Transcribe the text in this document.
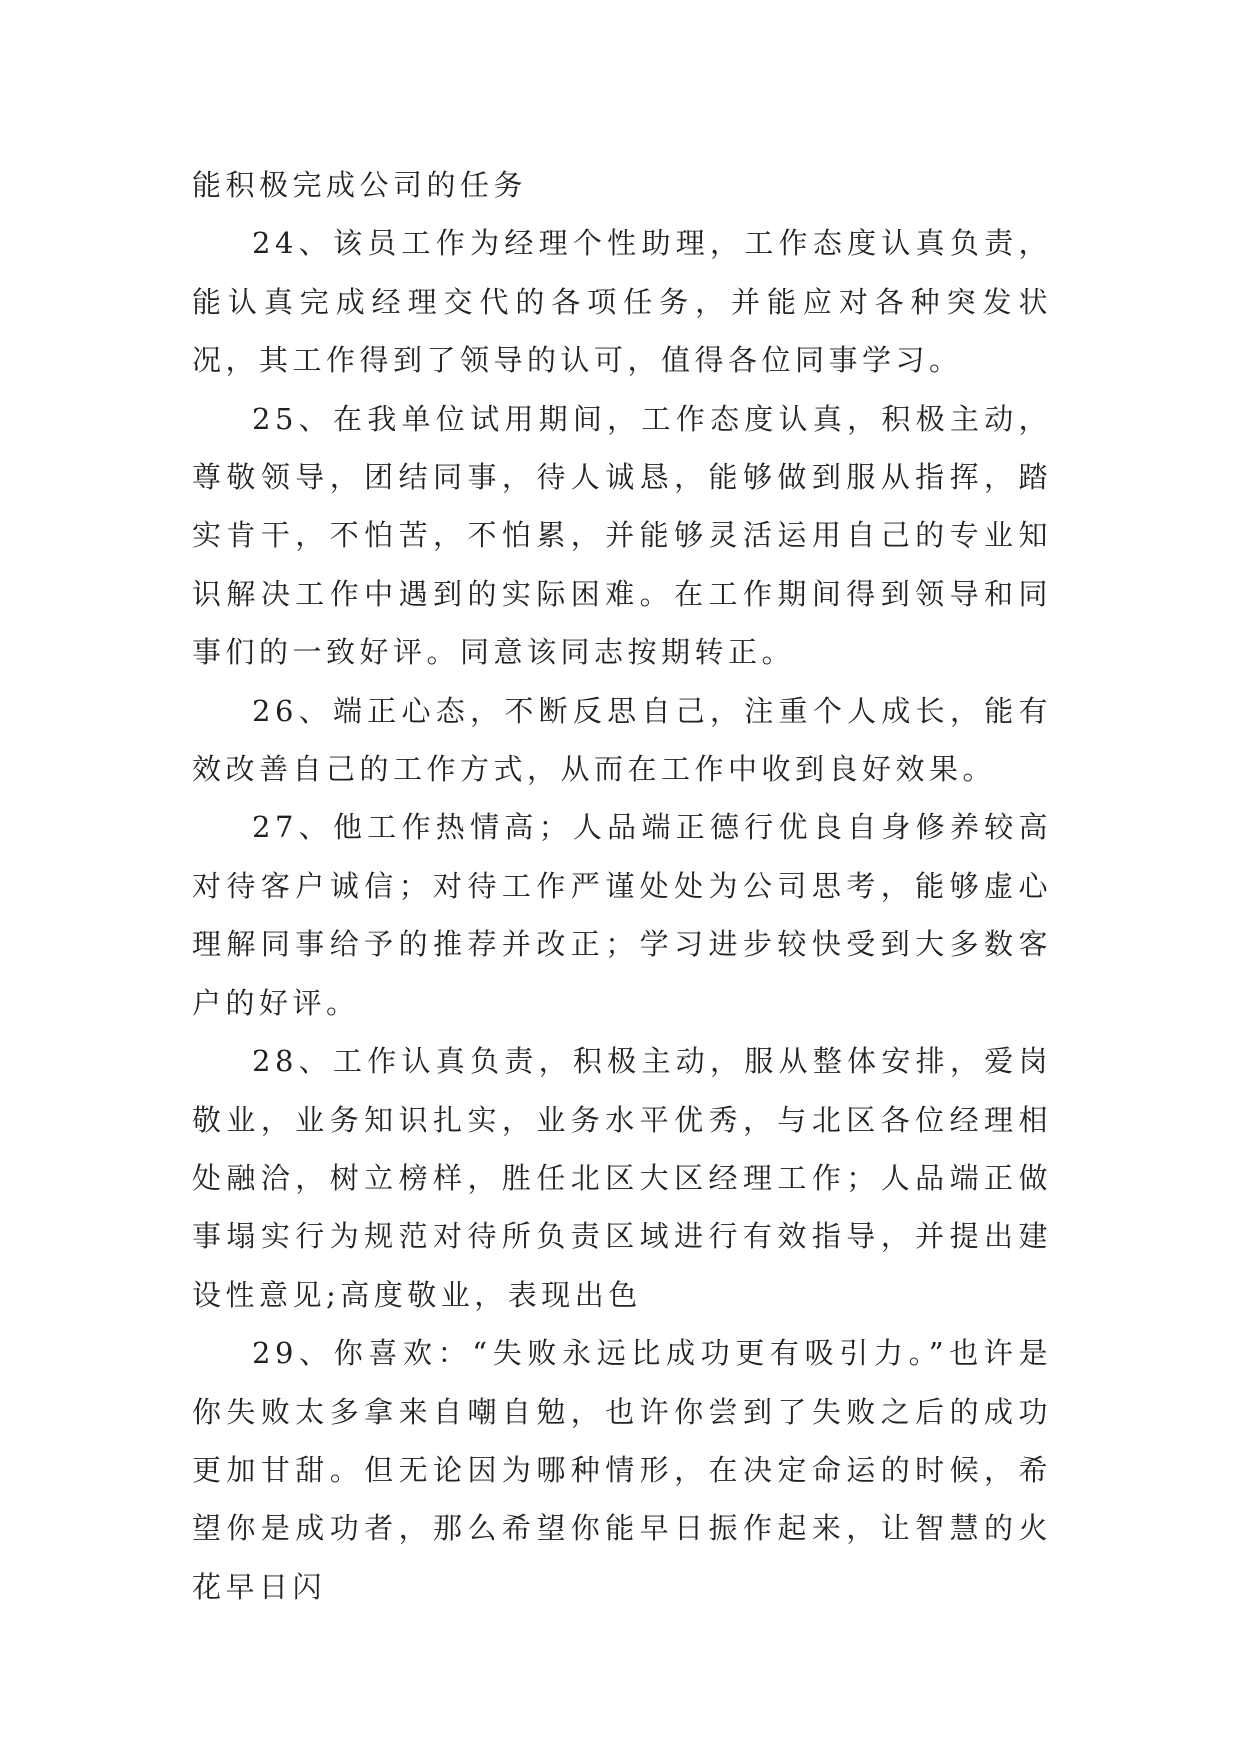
能积极完成公司的任务

24、该员工作为经理个性助理，工作态度认真负责，能认真完成经理交代的各项任务，并能应对各种突发状况，其工作得到了领导的认可，值得各位同事学习。

25、在我单位试用期间，工作态度认真，积极主动，尊敬领导，团结同事，待人诚恳，能够做到服从指挥，踏实肯干，不怕苦，不怕累，并能够灵活运用自己的专业知识解决工作中遇到的实际困难。在工作期间得到领导和同事们的一致好评。同意该同志按期转正。

26、端正心态，不断反思自己，注重个人成长，能有效改善自己的工作方式，从而在工作中收到良好效果。

27、他工作热情高；人品端正德行优良自身修养较高对待客户诚信；对待工作严谨处处为公司思考，能够虚心理解同事给予的推荐并改正；学习进步较快受到大多数客户的好评。

28、工作认真负责，积极主动，服从整体安排，爱岗敬业，业务知识扎实，业务水平优秀，与北区各位经理相处融洽，树立榜样，胜任北区大区经理工作；人品端正做事塌实行为规范对待所负责区域进行有效指导，并提出建设性意见;高度敬业，表现出色

29、你喜欢：“失败永远比成功更有吸引力。”也许是你失败太多拿来自嘲自勉，也许你尝到了失败之后的成功更加甘甜。但无论因为哪种情形，在决定命运的时候，希望你是成功者，那么希望你能早日振作起来，让智慧的火花早日闪
